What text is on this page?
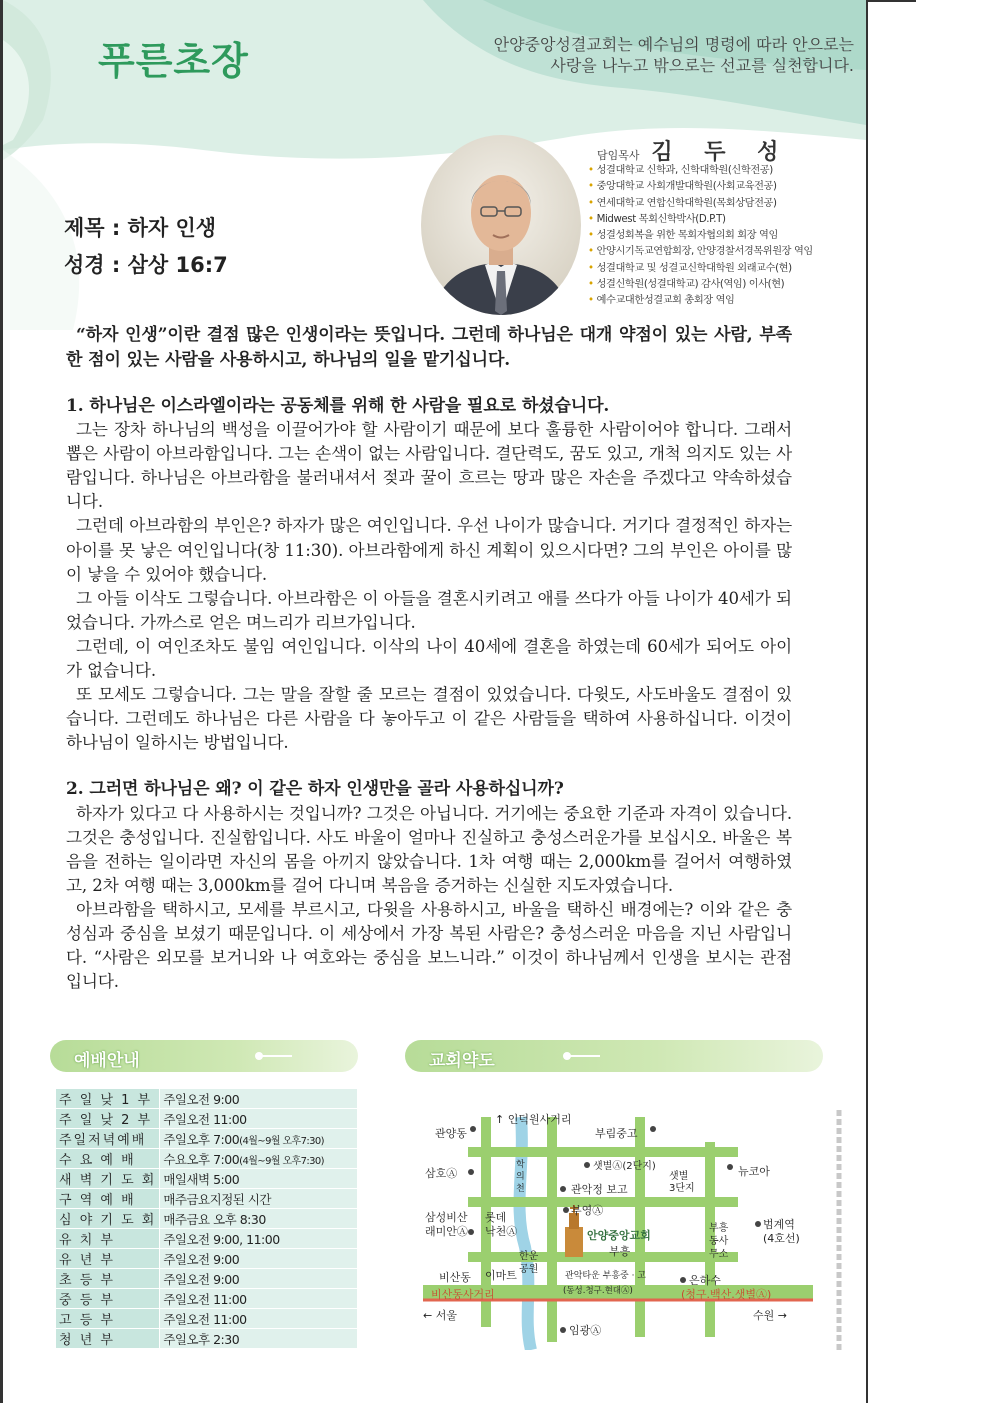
푸른초장	안양중앙성결교회는 예수님의 명령에 따라 안으로는
사랑을 나누고 밖으로는 선교를 실천합니다.
담임목사 김 두 성
• 성결대학교 신학과, 신학대학원(신학전공)
• 중앙대학교 사회개발대학원(사회교육전공)
• 연세대학교 연합신학대학원(목회상담전공)
• Midwest 목회신학박사(D.P.T)
• 성결성회복을 위한 목회자협의회 회장 역임
• 안양시기독교연합회장, 안양경찰서경목위원장 역임
• 성결대학교 및 성결교신학대학원 외래교수(현)
• 성결신학원(성결대학교) 감사(역임) 이사(현)
• 예수교대한성결교회 총회장 역임
제목 : 하자 인생
성경 : 삼상 16:7

“하자 인생”이란 결점 많은 인생이라는 뜻입니다. 그런데 하나님은 대개 약점이 있는 사람, 부족한 점이 있는 사람을 사용하시고, 하나님의 일을 맡기십니다.

1. 하나님은 이스라엘이라는 공동체를 위해 한 사람을 필요로 하셨습니다.

그는 장차 하나님의 백성을 이끌어가야 할 사람이기 때문에 보다 훌륭한 사람이어야 합니다. 그래서 뽑은 사람이 아브라함입니다. 그는 손색이 없는 사람입니다. 결단력도, 꿈도 있고, 개척 의지도 있는 사람입니다. 하나님은 아브라함을 불러내셔서 젖과 꿀이 흐르는 땅과 많은 자손을 주겠다고 약속하셨습니다.

그런데 아브라함의 부인은? 하자가 많은 여인입니다. 우선 나이가 많습니다. 거기다 결정적인 하자는 아이를 못 낳은 여인입니다(창 11:30). 아브라함에게 하신 계획이 있으시다면? 그의 부인은 아이를 많이 낳을 수 있어야 했습니다.

그 아들 이삭도 그렇습니다. 아브라함은 이 아들을 결혼시키려고 애를 쓰다가 아들 나이가 40세가 되었습니다. 가까스로 얻은 며느리가 리브가입니다.

그런데, 이 여인조차도 불임 여인입니다. 이삭의 나이 40세에 결혼을 하였는데 60세가 되어도 아이가 없습니다.

또 모세도 그렇습니다. 그는 말을 잘할 줄 모르는 결점이 있었습니다. 다윗도, 사도바울도 결점이 있습니다. 그런데도 하나님은 다른 사람을 다 놓아두고 이 같은 사람들을 택하여 사용하십니다. 이것이 하나님이 일하시는 방법입니다.

2. 그러면 하나님은 왜? 이 같은 하자 인생만을 골라 사용하십니까?

하자가 있다고 다 사용하시는 것입니까? 그것은 아닙니다. 거기에는 중요한 기준과 자격이 있습니다. 그것은 충성입니다. 진실함입니다. 사도 바울이 얼마나 진실하고 충성스러운가를 보십시오. 바울은 복음을 전하는 일이라면 자신의 몸을 아끼지 않았습니다. 1차 여행 때는 2,000km를 걸어서 여행하였고, 2차 여행 때는 3,000km를 걸어 다니며 복음을 증거하는 신실한 지도자였습니다.

아브라함을 택하시고, 모세를 부르시고, 다윗을 사용하시고, 바울을 택하신 배경에는? 이와 같은 충성심과 중심을 보셨기 때문입니다. 이 세상에서 가장 복된 사람은? 충성스러운 마음을 지닌 사람입니다. “사람은 외모를 보거니와 나 여호와는 중심을 보느니라.” 이것이 하나님께서 인생을 보시는 관점입니다.

예배안내
주 일 낮 1 부	주일오전 9:00
주 일 낮 2 부	주일오전 11:00
주일저녁예배	주일오후 7:00(4월~9월 오후7:30)
수 요 예 배	수요오후 7:00(4월~9월 오후7:30)
새 벽 기 도 회	매일새벽 5:00
구 역 예 배	매주금요지정된 시간
심 야 기 도 회	매주금요 오후 8:30
유 치 부	주일오전 9:00, 11:00
유 년 부	주일오전 9:00
초 등 부	주일오전 9:00
중 등 부	주일오전 11:00
고 등 부	주일오전 11:00
청 년 부	주일오후 2:30
교회약도
↑ 인덕원사거리
관양동	부림중고
샛별Ⓐ(2단지)
샛별
3단지
뉴코아
삼호Ⓐ
학
의
천	관악정 보고
삼성비산
래미안Ⓐ
롯데
낙천Ⓐ
부영Ⓐ
안양중앙교회
부흥
부흥
동사
무소
범계역
(4호선)
한운
공원
비산동 이마트	관악타운 부흥중 · 고
(동성.청구.현대Ⓐ)
은하수
비산동사거리	(청구.백산.샛별Ⓐ)
← 서울
임광Ⓐ
수원 →
